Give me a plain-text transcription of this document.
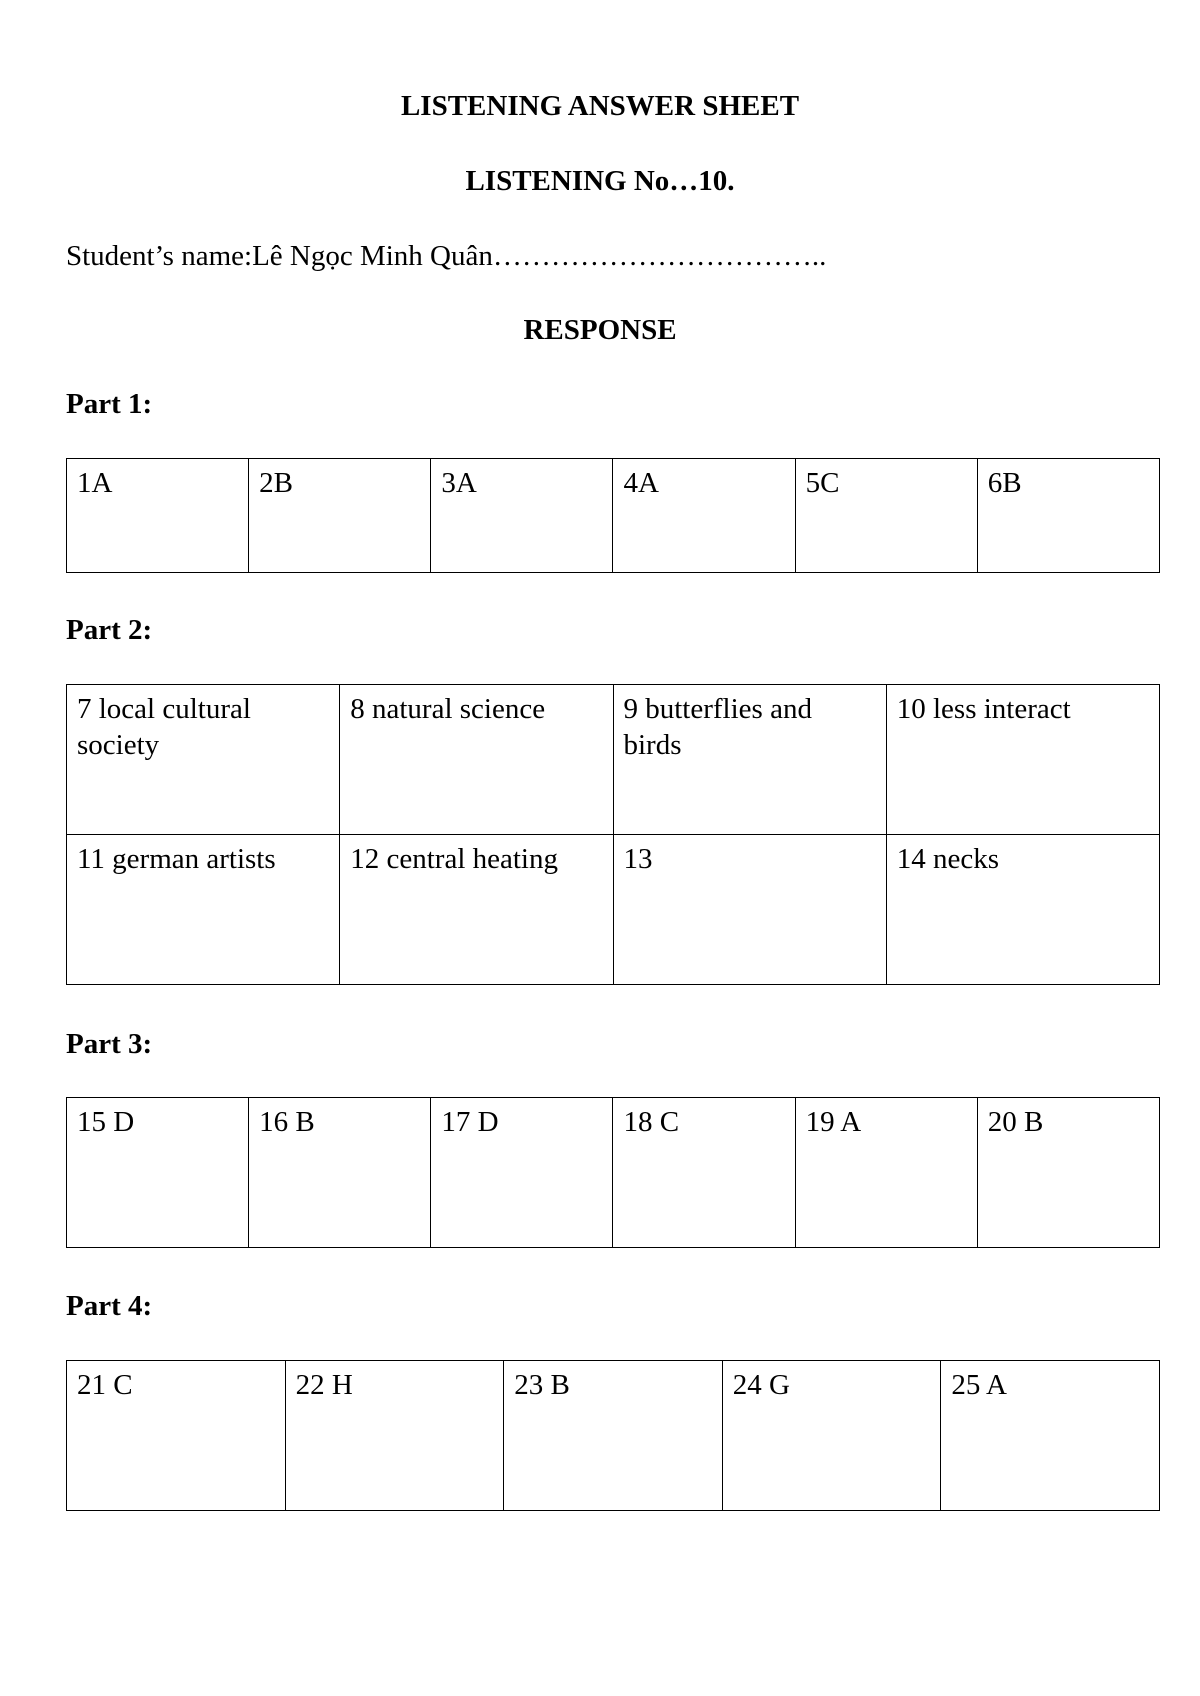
LISTENING ANSWER SHEET
LISTENING No…10.
Student’s name:Lê Ngọc Minh Quân……………………………..
RESPONSE
Part 1:
1A	2B	3A	4A	5C	6B
Part 2:
7 local cultural society	8 natural science	9 butterflies and birds	10 less interact
11 german artists	12 central heating	13	14 necks
Part 3:
15 D	16 B	17 D	18 C	19 A	20 B
Part 4:
21 C	22 H	23 B	24 G	25 A
